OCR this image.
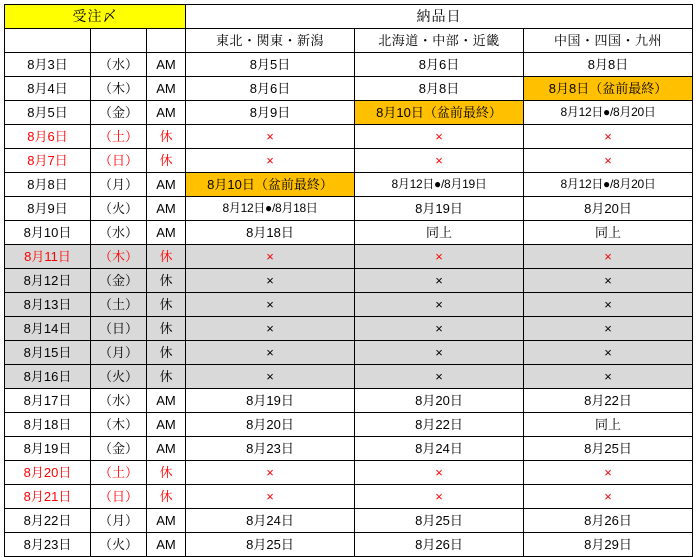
受注〆			納品日		
			東北・関東・新潟	北海道・中部・近畿	中国・四国・九州
8月3日	（水）	AM	8月5日	8月6日	8月8日
8月4日	（木）	AM	8月6日	8月8日	8月8日（盆前最終）
8月5日	（金）	AM	8月9日	8月10日（盆前最終）	8月12日●/8月20日
8月6日	（土）	休	×	×	×
8月7日	（日）	休	×	×	×
8月8日	（月）	AM	8月10日（盆前最終）	8月12日●/8月19日	8月12日●/8月20日
8月9日	（火）	AM	8月12日●/8月18日	8月19日	8月20日
8月10日	（水）	AM	8月18日	同上	同上
8月11日	（木）	休	×	×	×
8月12日	（金）	休	×	×	×
8月13日	（土）	休	×	×	×
8月14日	（日）	休	×	×	×
8月15日	（月）	休	×	×	×
8月16日	（火）	休	×	×	×
8月17日	（水）	AM	8月19日	8月20日	8月22日
8月18日	（木）	AM	8月20日	8月22日	同上
8月19日	（金）	AM	8月23日	8月24日	8月25日
8月20日	（土）	休	×	×	×
8月21日	（日）	休	×	×	×
8月22日	（月）	AM	8月24日	8月25日	8月26日
8月23日	（火）	AM	8月25日	8月26日	8月29日
